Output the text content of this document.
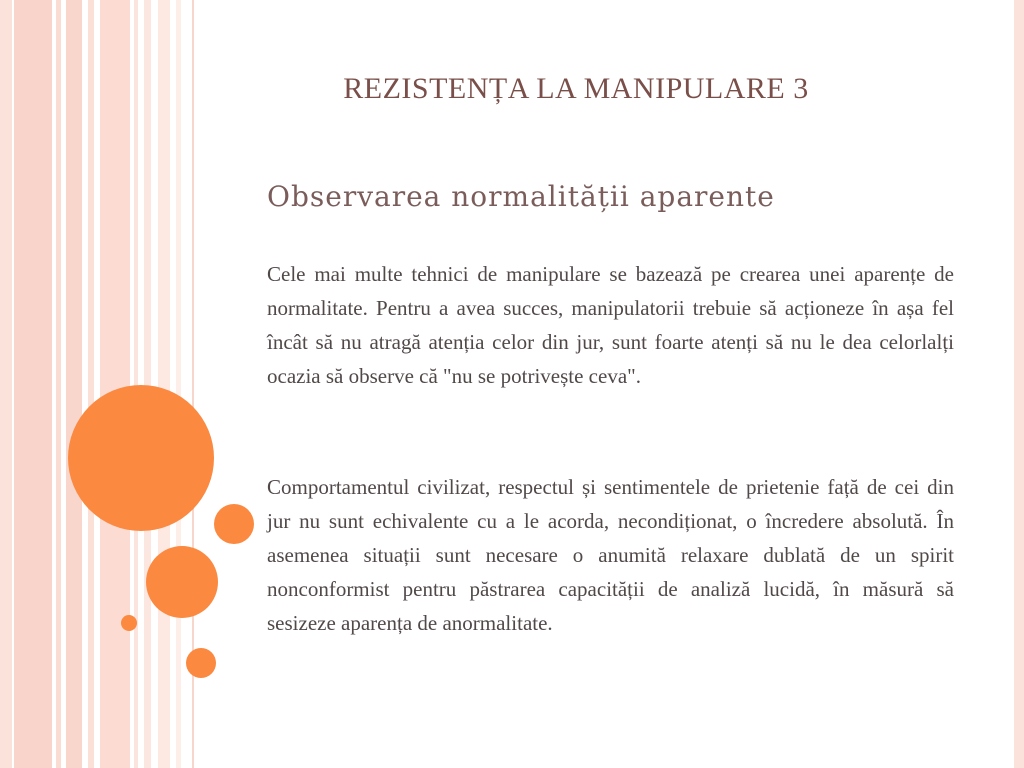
REZISTENȚA LA MANIPULARE 3
Observarea normalității aparente

Cele mai multe tehnici de manipulare se bazează pe crearea unei aparențe de normalitate. Pentru a avea succes, manipulatorii trebuie să acționeze în așa fel încât să nu atragă atenția celor din jur, sunt foarte atenți să nu le dea celorlalți ocazia să observe că "nu se potrivește ceva".

Comportamentul civilizat, respectul și sentimentele de prietenie față de cei din jur nu sunt echivalente cu a le acorda, necondiționat, o încredere absolută. În asemenea situații sunt necesare o anumită relaxare dublată de un spirit nonconformist pentru păstrarea capacității de analiză lucidă, în măsură să sesizeze aparența de anormalitate.
